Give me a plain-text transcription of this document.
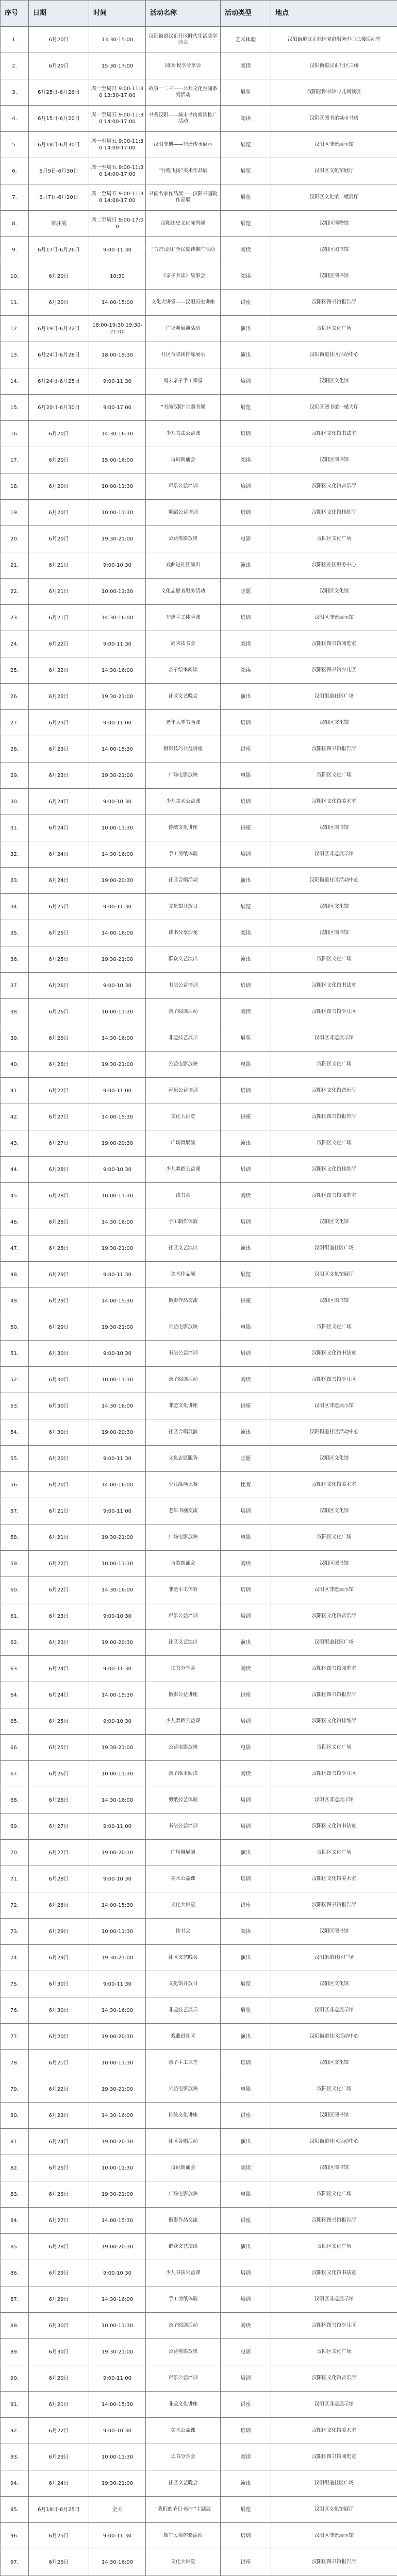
序号	日期	时间	活动名称	活动类型	地点
1.	6月20日	13:30-15:00	汉阳街道汉正社区时代生活美学沙龙	艺术体验	汉阳街道汉正社区党群服务中心三楼活动室
2.	6月20日	15:30-17:00	阅读·悦享分享会	阅读	汉阳街道汉正社区三楼
3.	6月25日-6月26日	周一至周日 9:00-11:30 13:30-17:00	故事一二三——公共文化空间系列活动	展览	汉阳区图书馆少儿阅读区
4.	6月15日-6月20日	周一至周五 9:00-11:30 14:00-17:00	书香汉阳——城市书房阅读推广活动	阅读	汉阳区图书馆城市书房
5.	6月18日-6月30日	周一至周五 9:00-11:30 14:00-17:00	汉阳非遗——非遗传承展示	展览	汉阳区非遗展示馆
6.	6月9日-6月30日	周一至周五 9:00-11:30 14:00-17:00	“行程飞扬”美术作品展	展览	汉阳区文化馆展厅
7.	6月7日-6月20日	周一至周五 9:00-11:30 14:00-17:00	书画名家作品展——汉阳书画院作品展	展览	汉阳区文化馆二楼展厅
8.	常驻展	周二至周日 9:00-17:00	汉阳历史文化陈列展	展览	汉阳区博物馆
9.	6月17日-6月26日	9:00-11:30	“书香汉阳”全民阅读推广活动	阅读	汉阳区图书馆
10.	6月20日	10:30	《亲子共读》故事会	阅读	汉阳区图书馆
11.	6月20日	14:00-15:00	文化大讲堂——汉阳历史讲座	讲座	汉阳区图书馆报告厅
12.	6月19日-6月22日	18:00-19:30 19:30-21:00	广场舞展演活动	演出	汉阳区文化广场
13.	6月24日-6月26日	18:00-19:30	社区合唱团排练展示	演出	汉阳街道社区活动中心
14.	6月24日-6月25日	9:00-11:30	周末亲子手工课堂	培训	汉阳区文化馆
15.	6月20日-6月30日	9:00-17:00	“书韵汉阳”主题书展	展览	汉阳区图书馆一楼大厅
16.	6月20日	14:30-16:30	少儿书法公益课	培训	汉阳区文化馆书法室
17.	6月20日	15:00-16:00	诗词朗诵会	阅读	汉阳区图书馆
18.	6月20日	10:00-11:30	声乐公益培训	培训	汉阳区文化馆音乐厅
19.	6月20日	10:00-11:30	舞蹈公益培训	培训	汉阳区文化馆排练厅
20.	6月20日	19:30-21:00	公益电影放映	电影	汉阳区文化广场
21.	6月21日	9:00-10:30	戏曲进社区演出	演出	汉阳区社区服务中心
22.	6月21日	10:00-11:30	文化志愿者服务活动	志愿	汉阳区文化馆
23.	6月21日	14:30-16:00	非遗手工体验课	培训	汉阳区非遗展示馆
24.	6月22日	9:00-11:30	周末读书会	阅读	汉阳区图书馆阅览室
25.	6月22日	14:30-16:00	亲子绘本阅读	阅读	汉阳区图书馆少儿区
26.	6月22日	19:30-21:00	社区文艺晚会	演出	汉阳街道社区广场
27.	6月23日	9:00-11:00	老年大学书画课	培训	汉阳区文化馆
28.	6月23日	14:00-15:30	摄影技巧公益讲座	讲座	汉阳区图书馆报告厅
29.	6月23日	19:30-21:00	广场电影放映	电影	汉阳区文化广场
30.	6月24日	9:00-10:30	少儿美术公益课	培训	汉阳区文化馆美术室
31.	6月24日	10:00-11:30	传统文化讲座	讲座	汉阳区图书馆
32.	6月24日	14:30-16:00	手工剪纸体验	培训	汉阳区非遗展示馆
33.	6月24日	19:00-20:30	社区合唱活动	演出	汉阳街道社区活动中心
34.	6月25日	9:00-11:30	文化馆开放日	展览	汉阳区文化馆
35.	6月25日	14:00-16:00	读书分享沙龙	阅读	汉阳区图书馆
36.	6月25日	19:30-21:00	群众文艺演出	演出	汉阳区文化广场
37.	6月26日	9:00-10:30	书法公益培训	培训	汉阳区文化馆书法室
38.	6月26日	10:00-11:30	亲子阅读活动	阅读	汉阳区图书馆少儿区
39.	6月26日	14:30-16:00	非遗技艺展示	展览	汉阳区非遗展示馆
40.	6月26日	19:30-21:00	公益电影放映	电影	汉阳区文化广场
41.	6月27日	9:00-11:00	声乐公益培训	培训	汉阳区文化馆音乐厅
42.	6月27日	14:00-15:30	文化大讲堂	讲座	汉阳区图书馆报告厅
43.	6月27日	19:00-20:30	广场舞展演	演出	汉阳区文化广场
44.	6月28日	9:00-10:30	少儿舞蹈公益课	培训	汉阳区文化馆排练厅
45.	6月28日	10:00-11:30	读书会	阅读	汉阳区图书馆阅览室
46.	6月28日	14:30-16:00	手工制作体验	培训	汉阳区文化馆
47.	6月28日	19:30-21:00	社区文艺演出	演出	汉阳街道社区广场
48.	6月29日	9:00-11:30	美术作品展	展览	汉阳区文化馆展厅
49.	6月29日	14:00-15:30	摄影作品交流	讲座	汉阳区图书馆
50.	6月29日	19:30-21:00	公益电影放映	电影	汉阳区文化广场
51.	6月30日	9:00-10:30	书法公益培训	培训	汉阳区文化馆书法室
52.	6月30日	10:00-11:30	亲子阅读活动	阅读	汉阳区图书馆少儿区
53.	6月30日	14:30-16:00	非遗文化讲座	讲座	汉阳区非遗展示馆
54.	6月30日	19:00-20:30	社区合唱展演	演出	汉阳街道社区活动中心
55.	6月20日	9:00-11:30	文化志愿服务	志愿	汉阳区文化馆
56.	6月20日	14:00-16:00	少儿绘画比赛	比赛	汉阳区文化馆美术室
57.	6月21日	9:00-11:00	老年书画交流	培训	汉阳区文化馆
58.	6月21日	19:30-21:00	广场电影放映	电影	汉阳区文化广场
59.	6月22日	10:00-11:30	诗歌朗诵会	阅读	汉阳区图书馆
60.	6月22日	14:30-16:00	非遗手工体验	培训	汉阳区非遗展示馆
61.	6月23日	9:00-10:30	声乐公益培训	培训	汉阳区文化馆音乐厅
62.	6月23日	19:00-20:30	社区文艺演出	演出	汉阳街道社区广场
63.	6月24日	9:00-11:30	读书分享会	阅读	汉阳区图书馆阅览室
64.	6月24日	14:00-15:30	摄影公益讲座	讲座	汉阳区图书馆报告厅
65.	6月25日	9:00-10:30	少儿舞蹈公益课	培训	汉阳区文化馆排练厅
66.	6月25日	19:30-21:00	公益电影放映	电影	汉阳区文化广场
67.	6月26日	10:00-11:30	亲子绘本阅读	阅读	汉阳区图书馆少儿区
68.	6月26日	14:30-16:00	剪纸技艺体验	培训	汉阳区非遗展示馆
69.	6月27日	9:00-11:00	书法公益培训	培训	汉阳区文化馆书法室
70.	6月27日	19:00-20:30	广场舞展演	演出	汉阳区文化广场
71.	6月28日	9:00-10:30	美术公益课	培训	汉阳区文化馆美术室
72.	6月28日	14:00-15:30	文化大讲堂	讲座	汉阳区图书馆报告厅
73.	6月29日	10:00-11:30	读书会	阅读	汉阳区图书馆
74.	6月29日	19:30-21:00	社区文艺晚会	演出	汉阳街道社区广场
75.	6月30日	9:00-11:30	文化馆开放日	展览	汉阳区文化馆
76.	6月30日	14:30-16:00	非遗技艺展示	展览	汉阳区非遗展示馆
77.	6月20日	19:00-20:30	戏曲进社区	演出	汉阳街道社区活动中心
78.	6月21日	10:00-11:30	亲子手工课堂	培训	汉阳区文化馆
79.	6月22日	19:30-21:00	公益电影放映	电影	汉阳区文化广场
80.	6月23日	14:30-16:00	传统文化讲座	讲座	汉阳区图书馆
81.	6月24日	19:00-20:30	社区合唱活动	演出	汉阳街道社区活动中心
82.	6月25日	10:00-11:30	诗词朗诵会	阅读	汉阳区图书馆
83.	6月26日	19:30-21:00	广场电影放映	电影	汉阳区文化广场
84.	6月27日	14:00-15:30	摄影作品交流	讲座	汉阳区图书馆报告厅
85.	6月28日	19:00-20:30	群众文艺演出	演出	汉阳区文化广场
86.	6月29日	9:00-10:30	少儿书法公益课	培训	汉阳区文化馆书法室
87.	6月29日	14:30-16:00	手工剪纸体验	培训	汉阳区非遗展示馆
88.	6月30日	10:00-11:30	亲子阅读活动	阅读	汉阳区图书馆少儿区
89.	6月30日	19:30-21:00	公益电影放映	电影	汉阳区文化广场
90.	6月20日	9:00-11:00	声乐公益培训	培训	汉阳区文化馆音乐厅
91.	6月21日	14:00-15:30	非遗文化讲座	讲座	汉阳区非遗展示馆
92.	6月22日	9:00-10:30	美术公益课	培训	汉阳区文化馆美术室
93.	6月23日	10:00-11:30	读书分享会	阅读	汉阳区图书馆阅览室
94.	6月24日	19:30-21:00	社区文艺晚会	演出	汉阳街道社区广场
95.	6月19日-6月25日	全天	“我们的节日·端午”主题展	展览	汉阳区文化馆展厅
96.	6月25日	9:00-11:30	端午民俗体验活动	培训	汉阳区非遗展示馆
97.	6月26日	14:30-16:00	文化大讲堂	讲座	汉阳区图书馆报告厅
